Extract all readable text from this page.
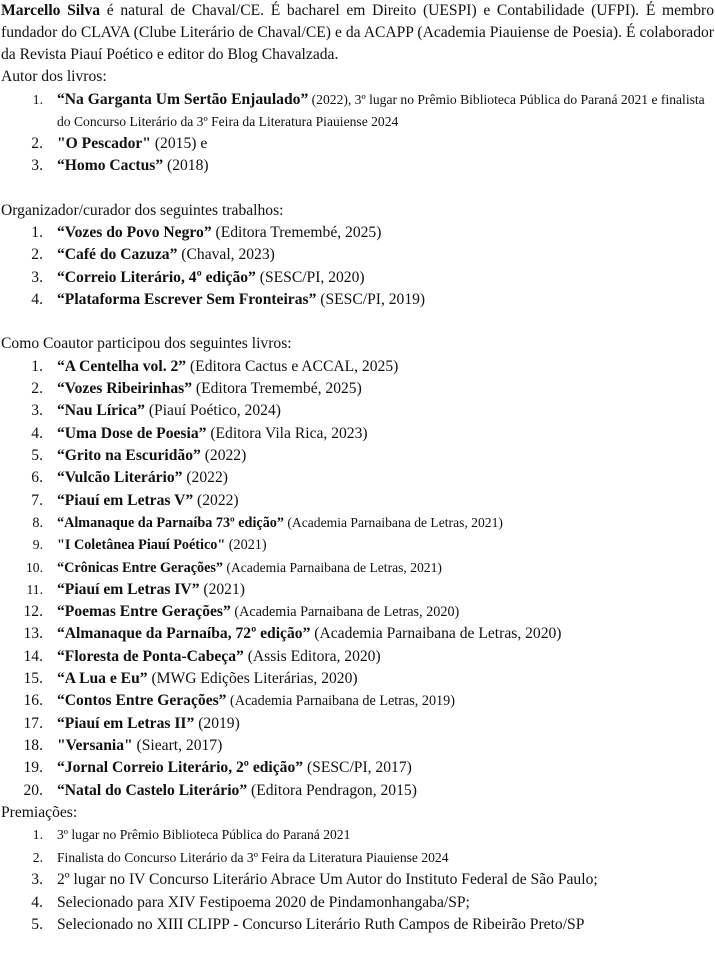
Marcello Silva é natural de Chaval/CE. É bacharel em Direito (UESPI) e Contabilidade (UFPI). É membro fundador do CLAVA (Clube Literário de Chaval/CE) e da ACAPP (Academia Piauiense de Poesia). É colaborador da Revista Piauí Poético e editor do Blog Chavalzada.

Autor dos livros:

1. “Na Garganta Um Sertão Enjaulado” (2022), 3º lugar no Prêmio Biblioteca Pública do Paraná 2021 e finalista do Concurso Literário da 3º Feira da Literatura Piauiense 2024
2. "O Pescador" (2015) e
3. “Homo Cactus” (2018)

Organizador/curador dos seguintes trabalhos:

1. “Vozes do Povo Negro” (Editora Tremembé, 2025)
2. “Café do Cazuza” (Chaval, 2023)
3. “Correio Literário, 4º edição” (SESC/PI, 2020)
4. “Plataforma Escrever Sem Fronteiras” (SESC/PI, 2019)

Como Coautor participou dos seguintes livros:

1. “A Centelha vol. 2” (Editora Cactus e ACCAL, 2025)
2. “Vozes Ribeirinhas” (Editora Tremembé, 2025)
3. “Nau Lírica” (Piauí Poético, 2024)
4. “Uma Dose de Poesia” (Editora Vila Rica, 2023)
5. “Grito na Escuridão” (2022)
6. “Vulcão Literário” (2022)
7. “Piauí em Letras V” (2022)
8. “Almanaque da Parnaíba 73º edição” (Academia Parnaibana de Letras, 2021)
9. "I Coletânea Piauí Poético" (2021)
10. “Crônicas Entre Gerações” (Academia Parnaibana de Letras, 2021)
11. “Piauí em Letras IV” (2021)
12. “Poemas Entre Gerações” (Academia Parnaibana de Letras, 2020)
13. “Almanaque da Parnaíba, 72º edição” (Academia Parnaibana de Letras, 2020)
14. “Floresta de Ponta-Cabeça” (Assis Editora, 2020)
15. “A Lua e Eu” (MWG Edições Literárias, 2020)
16. “Contos Entre Gerações” (Academia Parnaibana de Letras, 2019)
17. “Piauí em Letras II” (2019)
18. "Versania" (Sieart, 2017)
19. “Jornal Correio Literário, 2º edição” (SESC/PI, 2017)
20. “Natal do Castelo Literário” (Editora Pendragon, 2015)

Premiações:

1. 3º lugar no Prêmio Biblioteca Pública do Paraná 2021
2. Finalista do Concurso Literário da 3º Feira da Literatura Piauiense 2024
3. 2º lugar no IV Concurso Literário Abrace Um Autor do Instituto Federal de São Paulo;
4. Selecionado para XIV Festipoema 2020 de Pindamonhangaba/SP;
5. Selecionado no XIII CLIPP - Concurso Literário Ruth Campos de Ribeirão Preto/SP
